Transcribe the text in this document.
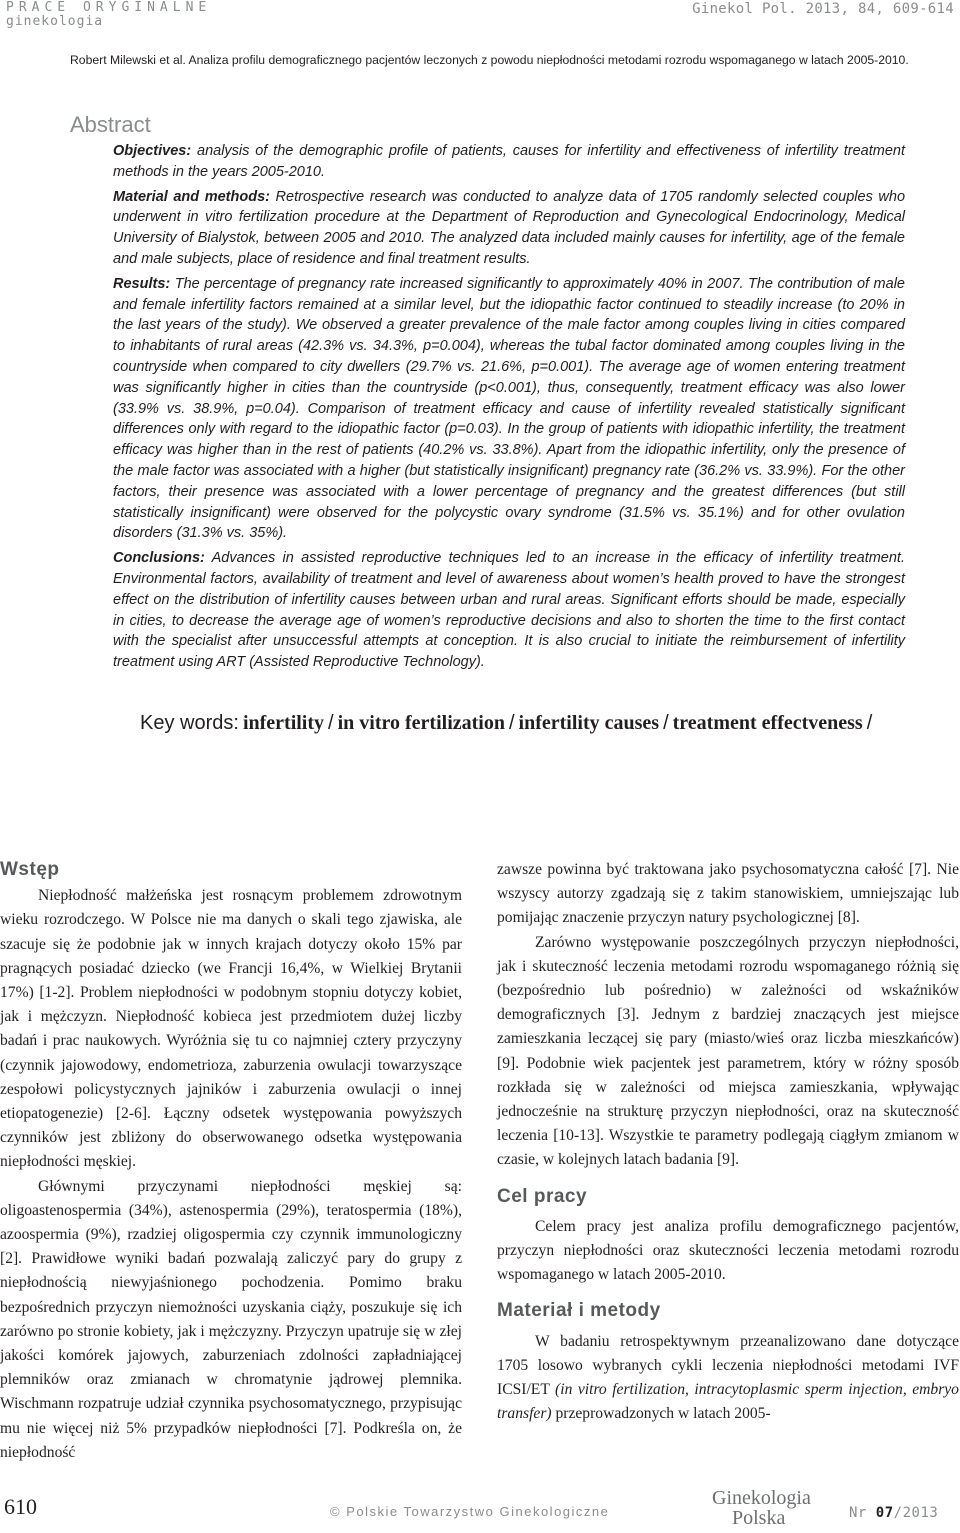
PRACE ORYGINALNE
ginekologia
Ginekol Pol. 2013, 84, 609-614
Robert Milewski et al. Analiza profilu demograficznego pacjentów leczonych z powodu niepłodności metodami rozrodu wspomaganego w latach 2005-2010.
Abstract

Objectives: analysis of the demographic profile of patients, causes for infertility and effectiveness of infertility treatment methods in the years 2005-2010.

Material and methods: Retrospective research was conducted to analyze data of 1705 randomly selected couples who underwent in vitro fertilization procedure at the Department of Reproduction and Gynecological Endocrinology, Medical University of Bialystok, between 2005 and 2010. The analyzed data included mainly causes for infertility, age of the female and male subjects, place of residence and final treatment results.

Results: The percentage of pregnancy rate increased significantly to approximately 40% in 2007. The contribution of male and female infertility factors remained at a similar level, but the idiopathic factor continued to steadily increase (to 20% in the last years of the study). We observed a greater prevalence of the male factor among couples living in cities compared to inhabitants of rural areas (42.3% vs. 34.3%, p=0.004), whereas the tubal factor dominated among couples living in the countryside when compared to city dwellers (29.7% vs. 21.6%, p=0.001). The average age of women entering treatment was significantly higher in cities than the countryside (p<0.001), thus, consequently, treatment efficacy was also lower (33.9% vs. 38.9%, p=0.04). Comparison of treatment efficacy and cause of infertility revealed statistically significant differences only with regard to the idiopathic factor (p=0.03). In the group of patients with idiopathic infertility, the treatment efficacy was higher than in the rest of patients (40.2% vs. 33.8%). Apart from the idiopathic infertility, only the presence of the male factor was associated with a higher (but statistically insignificant) pregnancy rate (36.2% vs. 33.9%). For the other factors, their presence was associated with a lower percentage of pregnancy and the greatest differences (but still statistically insignificant) were observed for the polycystic ovary syndrome (31.5% vs. 35.1%) and for other ovulation disorders (31.3% vs. 35%).

Conclusions: Advances in assisted reproductive techniques led to an increase in the efficacy of infertility treatment. Environmental factors, availability of treatment and level of awareness about women’s health proved to have the strongest effect on the distribution of infertility causes between urban and rural areas. Significant efforts should be made, especially in cities, to decrease the average age of women’s reproductive decisions and also to shorten the time to the first contact with the specialist after unsuccessful attempts at conception. It is also crucial to initiate the reimbursement of infertility treatment using ART (Assisted Reproductive Technology).

Key words: infertility / in vitro fertilization / infertility causes / treatment effectveness /
Wstęp

Niepłodność małżeńska jest rosnącym problemem zdrowotnym wieku rozrodczego. W Polsce nie ma danych o skali tego zjawiska, ale szacuje się że podobnie jak w innych krajach dotyczy około 15% par pragnących posiadać dziecko (we Francji 16,4%, w Wielkiej Brytanii 17%) [1-2]. Problem niepłodności w podobnym stopniu dotyczy kobiet, jak i mężczyzn. Niepłodność kobieca jest przedmiotem dużej liczby badań i prac naukowych. Wyróżnia się tu co najmniej cztery przyczyny (czynnik jajowodowy, endometrioza, zaburzenia owulacji towarzyszące zespołowi policystycznych jajników i zaburzenia owulacji o innej etiopatogenezie) [2-6]. Łączny odsetek występowania powyższych czynników jest zbliżony do obserwowanego odsetka występowania niepłodności męskiej.

Głównymi przyczynami niepłodności męskiej są: oligoastenospermia (34%), astenospermia (29%), teratospermia (18%), azoospermia (9%), rzadziej oligospermia czy czynnik immunologiczny [2]. Prawidłowe wyniki badań pozwalają zaliczyć pary do grupy z niepłodnością niewyjaśnionego pochodzenia. Pomimo braku bezpośrednich przyczyn niemożności uzyskania ciąży, poszukuje się ich zarówno po stronie kobiety, jak i mężczyzny. Przyczyn upatruje się w złej jakości komórek jajowych, zaburzeniach zdolności zapładniającej plemników oraz zmianach w chromatynie jądrowej plemnika. Wischmann rozpatruje udział czynnika psychosomatycznego, przypisując mu nie więcej niż 5% przypadków niepłodności [7]. Podkreśla on, że niepłodność

zawsze powinna być traktowana jako psychosomatyczna całość [7]. Nie wszyscy autorzy zgadzają się z takim stanowiskiem, umniejszając lub pomijając znaczenie przyczyn natury psychologicznej [8].

Zarówno występowanie poszczególnych przyczyn niepłodności, jak i skuteczność leczenia metodami rozrodu wspomaganego różnią się (bezpośrednio lub pośrednio) w zależności od wskaźników demograficznych [3]. Jednym z bardziej znaczących jest miejsce zamieszkania leczącej się pary (miasto/wieś oraz liczba mieszkańców) [9]. Podobnie wiek pacjentek jest parametrem, który w różny sposób rozkłada się w zależności od miejsca zamieszkania, wpływając jednocześnie na strukturę przyczyn niepłodności, oraz na skuteczność leczenia [10-13]. Wszystkie te parametry podlegają ciągłym zmianom w czasie, w kolejnych latach badania [9].

Cel pracy

Celem pracy jest analiza profilu demograficznego pacjentów, przyczyn niepłodności oraz skuteczności leczenia metodami rozrodu wspomaganego w latach 2005-2010.

Materiał i metody

W badaniu retrospektywnym przeanalizowano dane dotyczące 1705 losowo wybranych cykli leczenia niepłodności metodami IVF ICSI/ET (in vitro fertilization, intracytoplasmic sperm injection, embryo transfer) przeprowadzonych w latach 2005-

610	© Polskie Towarzystwo Ginekologiczne
Ginekologia
Polska	Nr 07/2013
